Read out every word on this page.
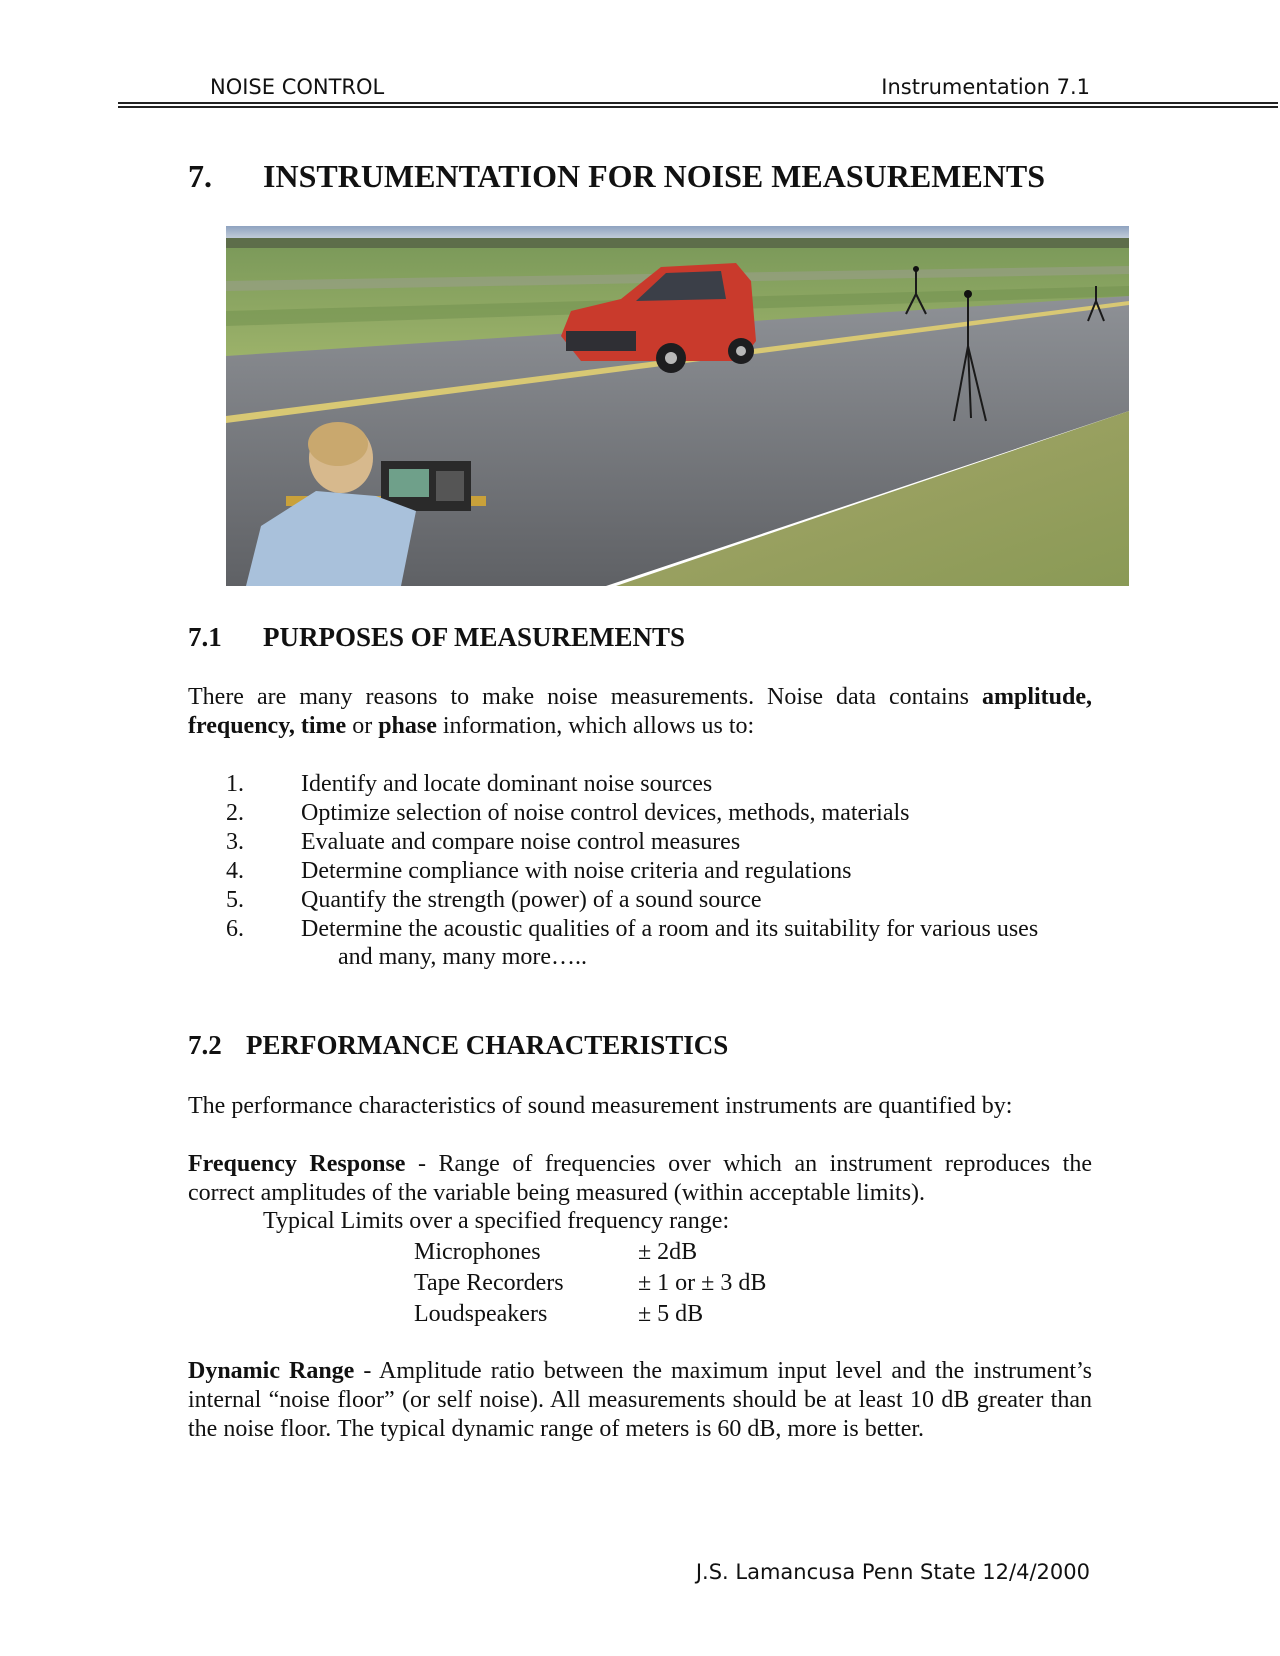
NOISE CONTROL	Instrumentation 7.1
7. INSTRUMENTATION FOR NOISE MEASUREMENTS
7.1 PURPOSES OF MEASUREMENTS
There are many reasons to make noise measurements. Noise data contains amplitude, frequency, time or phase information, which allows us to:
1.	Identify and locate dominant noise sources
2.	Optimize selection of noise control devices, methods, materials
3.	Evaluate and compare noise control measures
4.	Determine compliance with noise criteria and regulations
5.	Quantify the strength (power) of a sound source
6.	Determine the acoustic qualities of a room and its suitability for various uses
and many, many more…..
7.2 PERFORMANCE CHARACTERISTICS
The performance characteristics of sound measurement instruments are quantified by:
Frequency Response - Range of frequencies over which an instrument reproduces the correct amplitudes of the variable being measured (within acceptable limits).
Typical Limits over a specified frequency range:
Microphones	± 2dB
Tape Recorders	± 1 or ± 3 dB
Loudspeakers	± 5 dB
Dynamic Range - Amplitude ratio between the maximum input level and the instrument’s internal “noise floor” (or self noise). All measurements should be at least 10 dB greater than the noise floor. The typical dynamic range of meters is 60 dB, more is better.
J.S. Lamancusa Penn State 12/4/2000
